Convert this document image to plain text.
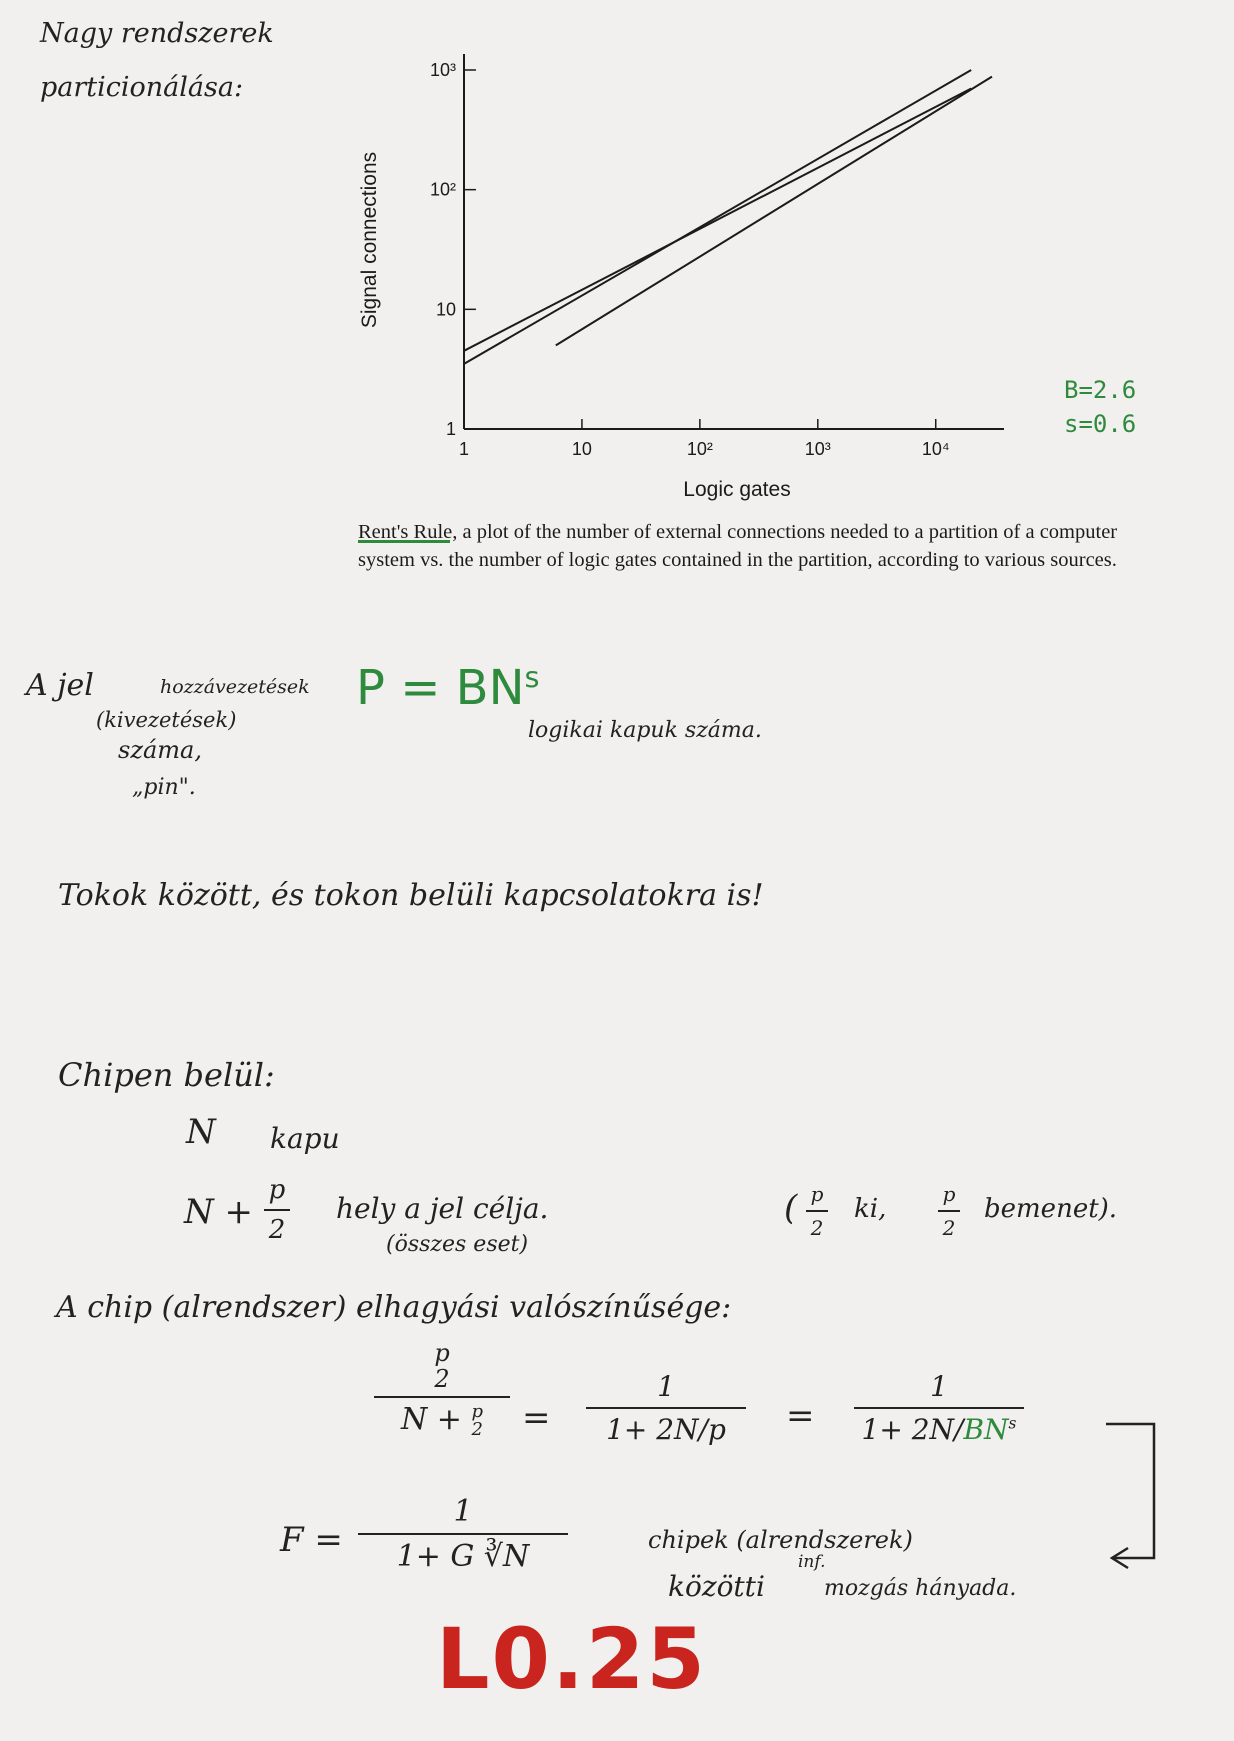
Nagy rendszerek
particionálása:
1	10	10²	10³	10⁴
1
10
10²
10³
Logic gates
Signal connections
B=2.6
s=0.6
Rent's Rule, a plot of the number of external connections needed to a partition of a computer system vs. the number of logic gates contained in the partition, according to various sources.
A jel	hozzávezetések
(kivezetések)
száma,
„pin".
$P = BN^s$
logikai kapuk száma.
Tokok között, és tokon belüli kapcsolatokra is!
Chipen belül:
N kapu
N +
p
2
hely a jel célja.
(összes eset)
( p
2
ki,	p
2
bemenet).
A chip (alrendszer) elhagyási valószínűsége:
p
2
N + p
2	=
1
1+ 2N/p	=
1
$1+ 2N/BN^s$
F =
1
1+ G ∛N	chipek (alrendszerek)
közötti
inf.
mozgás hányada.
L0.25
